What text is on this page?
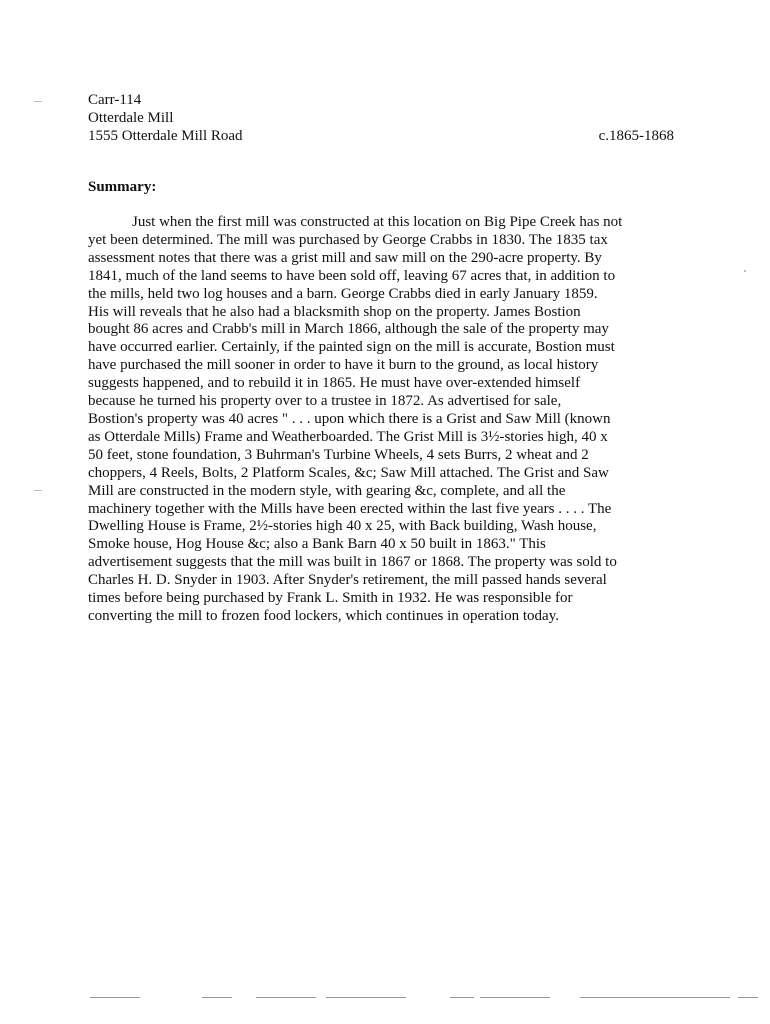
Carr-114
Otterdale Mill
1555 Otterdale Mill Road	c.1865-1868
Summary:
Just when the first mill was constructed at this location on Big Pipe Creek has not
yet been determined. The mill was purchased by George Crabbs in 1830. The 1835 tax
assessment notes that there was a grist mill and saw mill on the 290-acre property. By
1841, much of the land seems to have been sold off, leaving 67 acres that, in addition to
the mills, held two log houses and a barn. George Crabbs died in early January 1859.
His will reveals that he also had a blacksmith shop on the property. James Bostion
bought 86 acres and Crabb's mill in March 1866, although the sale of the property may
have occurred earlier. Certainly, if the painted sign on the mill is accurate, Bostion must
have purchased the mill sooner in order to have it burn to the ground, as local history
suggests happened, and to rebuild it in 1865. He must have over-extended himself
because he turned his property over to a trustee in 1872. As advertised for sale,
Bostion's property was 40 acres " . . . upon which there is a Grist and Saw Mill (known
as Otterdale Mills) Frame and Weatherboarded. The Grist Mill is 3½-stories high, 40 x
50 feet, stone foundation, 3 Buhrman's Turbine Wheels, 4 sets Burrs, 2 wheat and 2
choppers, 4 Reels, Bolts, 2 Platform Scales, &c; Saw Mill attached. The Grist and Saw
Mill are constructed in the modern style, with gearing &c, complete, and all the
machinery together with the Mills have been erected within the last five years . . . . The
Dwelling House is Frame, 2½-stories high 40 x 25, with Back building, Wash house,
Smoke house, Hog House &c; also a Bank Barn 40 x 50 built in 1863." This
advertisement suggests that the mill was built in 1867 or 1868. The property was sold to
Charles H. D. Snyder in 1903. After Snyder's retirement, the mill passed hands several
times before being purchased by Frank L. Smith in 1932. He was responsible for
converting the mill to frozen food lockers, which continues in operation today.
